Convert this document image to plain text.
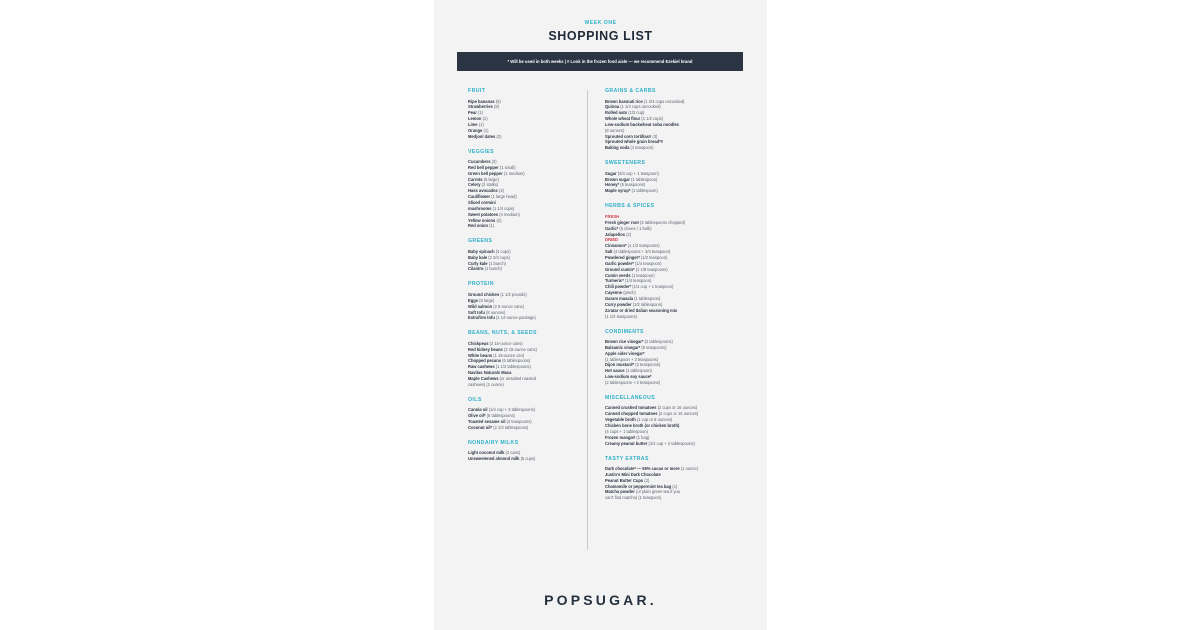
WEEK ONE
SHOPPING LIST
* Will be used in both weeks | # Look in the frozen food aisle — we recommend Ezekiel brand
FRUIT
Ripe bananas (5)
Strawberries (8)
Pear (1)
Lemon (1)
Lime (1)
Orange (1)
Medjool dates (2)
VEGGIES
Cucumbers (3)
Red bell pepper (1 small)
Green bell pepper (1 medium)
Carrots (5 large)
Celery (2 stalks)
Hass avocados (2)
Cauliflower (1 large head)
Sliced cremini
mushrooms (1 1/4 cups)
Sweet potatoes (4 medium)
Yellow onions (2)
Red onion (1)
GREENS
Baby spinach (4 cups)
Baby kale (2 3/4 cups)
Curly kale (1 bunch)
Cilantro (1 bunch)
PROTEIN
Ground chicken (1 1/2 pounds)
Eggs (8 large)
Wild salmon (2 5-ounce cans)
Soft tofu (8 ounces)
Extrafirm tofu (1 14-ounce package)
BEANS, NUTS, & SEEDS
Chickpeas (2 15-ounce cans)
Red kidney beans (2 15-ounce cans)
White beans (1 15-ounce can)
Chopped pecans (6 tablespoons)
Raw cashews (1 1/2 tablespoons)
Navitas Naturals Maca
Maple Cashews (or unsalted roasted
cashews) (1 ounce)
OILS
Canola oil (1/4 cup + 3 tablespoons)
Olive oil* (8 tablespoons)
Toasted sesame oil (4 teaspoons)
Coconut oil* (2 1/2 tablespoons)
NONDAIRY MILKS
Light coconut milk (2 cans)
Unsweetened almond milk (5 cups)
GRAINS & CARBS
Brown basmati rice (1 3/4 cups uncooked)
Quinoa (1 1/4 cups uncooked)
Rolled oats (1/3 cup)
Whole wheat flour (1 1/2 cups)
Low-sodium buckwheat soba noodles
(8 ounces)
Sprouted corn tortillas# (3)
Sprouted whole grain bread*#
Baking soda (1 teaspoon)
SWEETENERS
Sugar (3/4 cup + 1 teaspoon)
Brown sugar (1 tablespoon)
Honey* (5 teaspoons)
Maple syrup* (1 tablespoon)
HERBS & SPICES
FRESH
Fresh ginger root (2 tablespoons chopped)
Garlic* (6 cloves / 1 bulb)
Jalapeños (2)
DRIED
Cinnamon* (1 1/2 teaspoons)
Salt (4 tablespoons + 3/4 teaspoon)
Powdered ginger* (1/2 teaspoon)
Garlic powder* (1/4 teaspoon)
Ground cumin* (1 1/8 teaspoons)
Cumin seeds (1 teaspoon)
Turmeric* (1/4 teaspoon)
Chili powder* (1/4 cup + 1 teaspoon)
Cayenne (pinch)
Garam masala (1 tablespoon)
Curry powder (1/2 tablespoon)
Za'atar or dried Italian seasoning mix
(1 1/2 teaspoons)
CONDIMENTS
Brown rice vinegar* (2 tablespoons)
Balsamic vinegar* (5 teaspoons)
Apple cider vinegar*
(1 tablespoon + 3 teaspoons)
Dijon mustard* (2 teaspoons)
Hot sauce (1 tablespoon)
Low-sodium soy sauce*
(2 tablespoons + 2 teaspoons)
MISCELLANEOUS
Canned crushed tomatoes (2 cups or 16 ounces)
Canned chopped tomatoes (2 cups or 16 ounces)
Vegetable broth (1 cup or 8 ounces)
Chicken bone broth (or chicken broth)
(4 cups + 1 tablespoon)
Frozen mango# (1 bag)
Creamy peanut butter (1/4 cup + 2 tablespoons)
TASTY EXTRAS
Dark chocolate* — 55% cacao or more (1 ounce)
Justin's Mini Dark Chocolate
Peanut Butter Cups (2)
Chamomile or peppermint tea bag (1)
Matcha powder (or plain green tea if you
can't find matcha) (1 teaspoon)
POPSUGAR.
